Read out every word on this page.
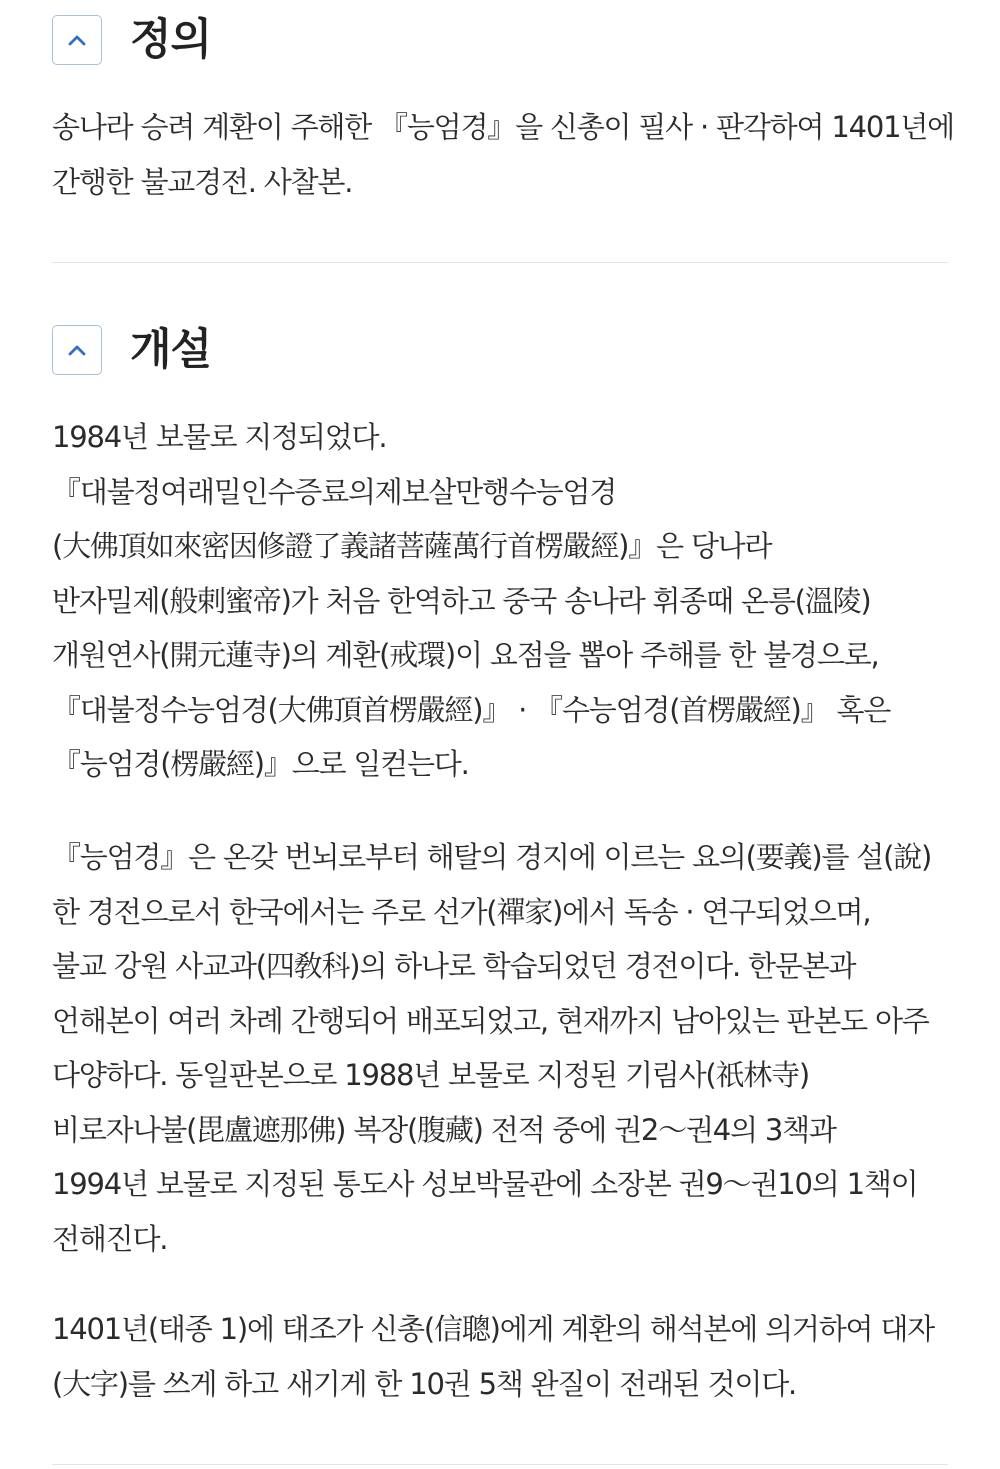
정의
송나라 승려 계환이 주해한 『능엄경』을 신총이 필사 · 판각하여 1401년에
간행한 불교경전. 사찰본.
개설
1984년 보물로 지정되었다.
『대불정여래밀인수증료의제보살만행수능엄경
(大佛頂如來密因修證了義諸菩薩萬行首楞嚴經)』은 당나라
반자밀제(般剌蜜帝)가 처음 한역하고 중국 송나라 휘종때 온릉(溫陵)
개원연사(開元蓮寺)의 계환(戒環)이 요점을 뽑아 주해를 한 불경으로,
『대불정수능엄경(大佛頂首楞嚴經)』 · 『수능엄경(首楞嚴經)』 혹은
『능엄경(楞嚴經)』으로 일컫는다.
『능엄경』은 온갖 번뇌로부터 해탈의 경지에 이르는 요의(要義)를 설(說)
한 경전으로서 한국에서는 주로 선가(禪家)에서 독송 · 연구되었으며,
불교 강원 사교과(四敎科)의 하나로 학습되었던 경전이다. 한문본과
언해본이 여러 차례 간행되어 배포되었고, 현재까지 남아있는 판본도 아주
다양하다. 동일판본으로 1988년 보물로 지정된 기림사(祇林寺)
비로자나불(毘盧遮那佛) 복장(腹藏) 전적 중에 권2～권4의 3책과
1994년 보물로 지정된 통도사 성보박물관에 소장본 권9～권10의 1책이
전해진다.
1401년(태종 1)에 태조가 신총(信聰)에게 계환의 해석본에 의거하여 대자
(大字)를 쓰게 하고 새기게 한 10권 5책 완질이 전래된 것이다.
